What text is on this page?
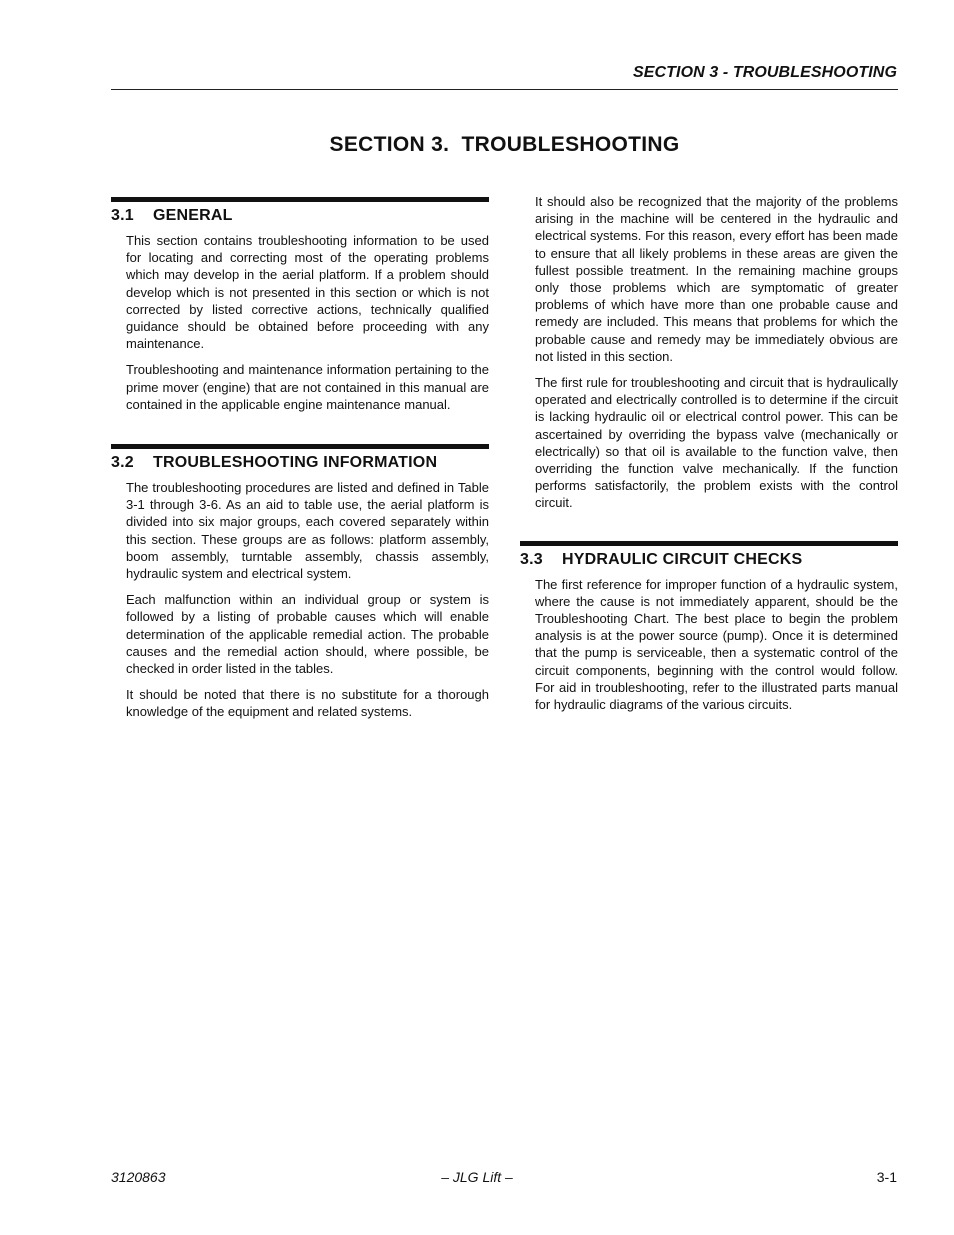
SECTION 3 - TROUBLESHOOTING
SECTION 3.  TROUBLESHOOTING
3.1 GENERAL

This section contains troubleshooting information to be used for locating and correcting most of the operating problems which may develop in the aerial platform. If a problem should develop which is not presented in this section or which is not corrected by listed corrective actions, technically qualified guidance should be obtained before proceeding with any maintenance.

Troubleshooting and maintenance information pertaining to the prime mover (engine) that are not contained in this manual are contained in the applicable engine maintenance manual.

3.2 TROUBLESHOOTING INFORMATION

The troubleshooting procedures are listed and defined in Table 3-1 through 3-6. As an aid to table use, the aerial platform is divided into six major groups, each covered separately within this section. These groups are as follows: platform assembly, boom assembly, turntable assembly, chassis assembly, hydraulic system and electrical system.

Each malfunction within an individual group or system is followed by a listing of probable causes which will enable determination of the applicable remedial action. The probable causes and the remedial action should, where possible, be checked in order listed in the tables.

It should be noted that there is no substitute for a thorough knowledge of the equipment and related systems.

It should also be recognized that the majority of the problems arising in the machine will be centered in the hydraulic and electrical systems. For this reason, every effort has been made to ensure that all likely problems in these areas are given the fullest possible treatment. In the remaining machine groups only those problems which are symptomatic of greater problems of which have more than one probable cause and remedy are included. This means that problems for which the probable cause and remedy may be immediately obvious are not listed in this section.

The first rule for troubleshooting and circuit that is hydraulically operated and electrically controlled is to determine if the circuit is lacking hydraulic oil or electrical control power. This can be ascertained by overriding the bypass valve (mechanically or electrically) so that oil is available to the function valve, then overriding the function valve mechanically. If the function performs satisfactorily, the problem exists with the control circuit.

3.3 HYDRAULIC CIRCUIT CHECKS

The first reference for improper function of a hydraulic system, where the cause is not immediately apparent, should be the Troubleshooting Chart. The best place to begin the problem analysis is at the power source (pump). Once it is determined that the pump is serviceable, then a systematic control of the circuit components, beginning with the control would follow. For aid in troubleshooting, refer to the illustrated parts manual for hydraulic diagrams of the various circuits.

3120863	– JLG Lift –	3-1
